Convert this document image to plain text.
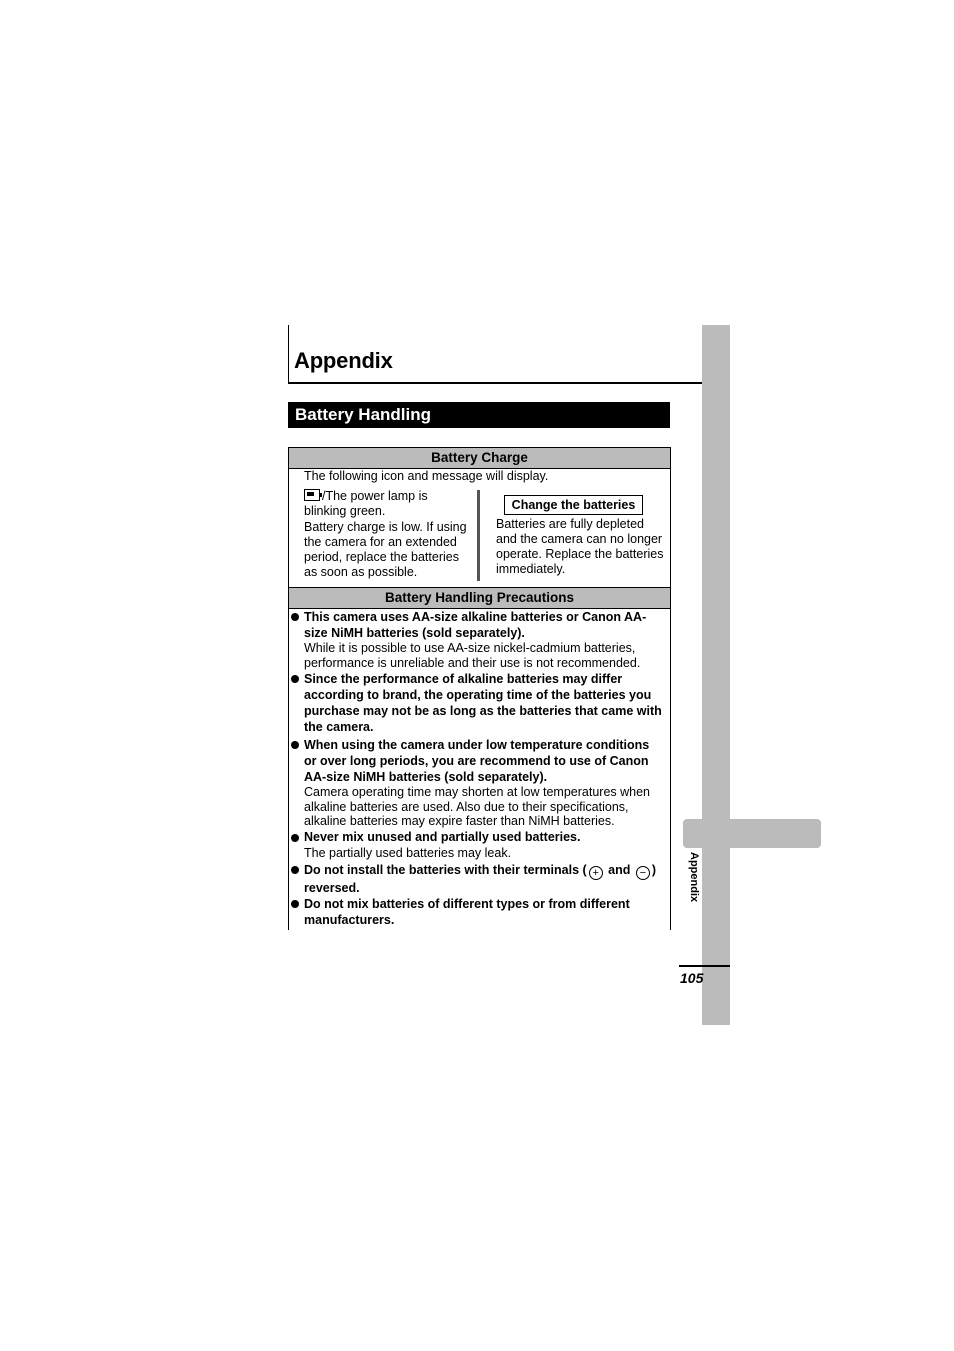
Appendix
Appendix
Battery Handling
Battery Charge
The following icon and message will display.
/The power lamp is
blinking green.
Battery charge is low. If using
the camera for an extended
period, replace the batteries
as soon as possible.
Change the batteries
Batteries are fully depleted
and the camera can no longer
operate. Replace the batteries
immediately.
Battery Handling Precautions
This camera uses AA-size alkaline batteries or Canon AA-
size NiMH batteries (sold separately).
While it is possible to use AA-size nickel-cadmium batteries,
performance is unreliable and their use is not recommended.
Since the performance of alkaline batteries may differ
according to brand, the operating time of the batteries you
purchase may not be as long as the batteries that came with
the camera.
When using the camera under low temperature conditions
or over long periods, you are recommend to use of Canon
AA-size NiMH batteries (sold separately).
Camera operating time may shorten at low temperatures when
alkaline batteries are used. Also due to their specifications,
alkaline batteries may expire faster than NiMH batteries.
Never mix unused and partially used batteries.
The partially used batteries may leak.
Do not install the batteries with their terminals ( + and − )
reversed.
Do not mix batteries of different types or from different
manufacturers.
105
